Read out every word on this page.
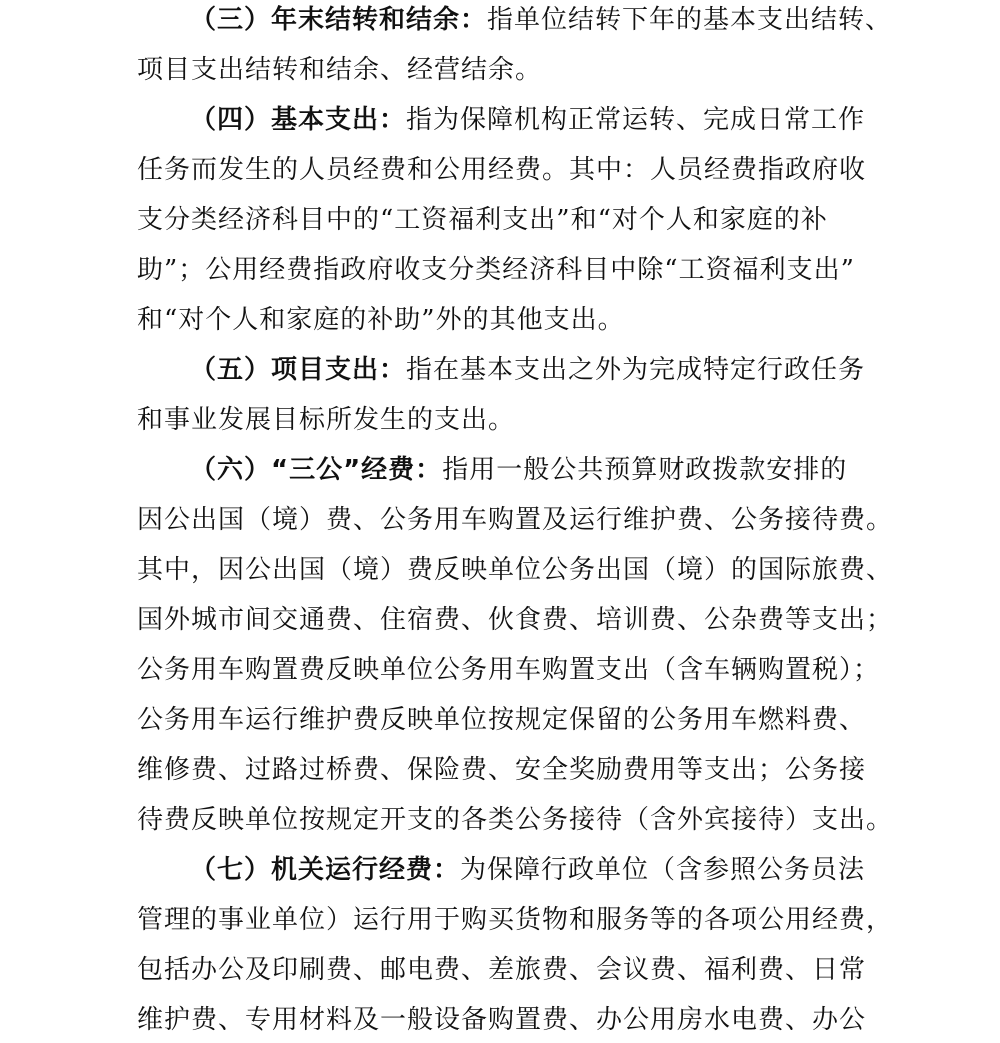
（三）年末结转和结余：指单位结转下年的基本支出结转、
项目支出结转和结余、经营结余。
（四）基本支出：指为保障机构正常运转、完成日常工作
任务而发生的人员经费和公用经费。其中：人员经费指政府收
支分类经济科目中的“工资福利支出”和“对个人和家庭的补
助”；公用经费指政府收支分类经济科目中除“工资福利支出”
和“对个人和家庭的补助”外的其他支出。
（五）项目支出：指在基本支出之外为完成特定行政任务
和事业发展目标所发生的支出。
（六）“三公”经费：指用一般公共预算财政拨款安排的
因公出国（境）费、公务用车购置及运行维护费、公务接待费。
其中，因公出国（境）费反映单位公务出国（境）的国际旅费、
国外城市间交通费、住宿费、伙食费、培训费、公杂费等支出；
公务用车购置费反映单位公务用车购置支出（含车辆购置税）；
公务用车运行维护费反映单位按规定保留的公务用车燃料费、
维修费、过路过桥费、保险费、安全奖励费用等支出；公务接
待费反映单位按规定开支的各类公务接待（含外宾接待）支出。
（七）机关运行经费：为保障行政单位（含参照公务员法
管理的事业单位）运行用于购买货物和服务等的各项公用经费，
包括办公及印刷费、邮电费、差旅费、会议费、福利费、日常
维护费、专用材料及一般设备购置费、办公用房水电费、办公
